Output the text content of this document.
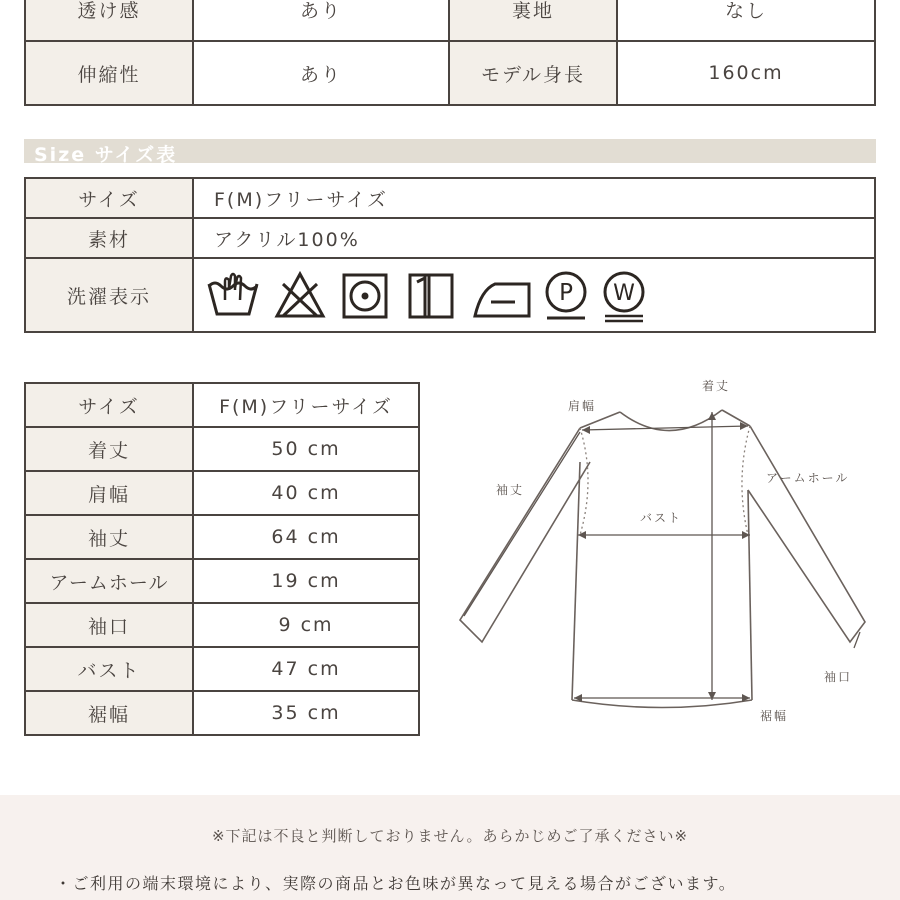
透け感	あり	裏地	なし
伸縮性	あり	モデル身長	160cm
Size サイズ表
サイズ	F(M)フリーサイズ
素材	アクリル100%
洗濯表示		P W
サイズ	F(M)フリーサイズ
着丈	50 cm
肩幅	40 cm
袖丈	64 cm
アームホール	19 cm
袖口	9 cm
バスト	47 cm
裾幅	35 cm
着丈
肩幅
袖丈
アームホール
バスト
袖口
裾幅
※下記は不良と判断しておりません。あらかじめご了承ください※
・ご利用の端末環境により、実際の商品とお色味が異なって見える場合がございます。
